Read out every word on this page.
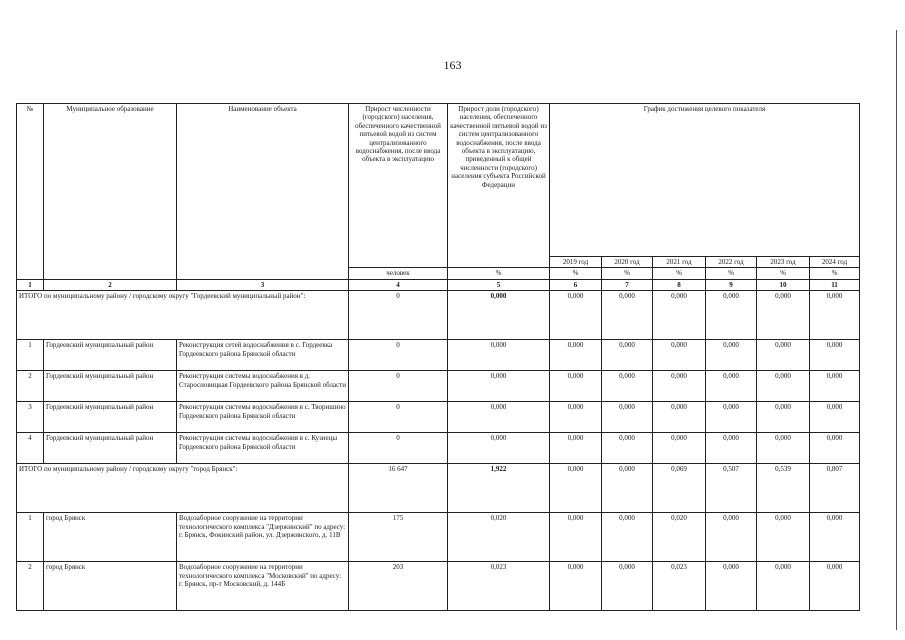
163
№	Муниципальное образование	Наименование объекта	Прирост численности (городского) населения, обеспеченного качественной питьевой водой из систем централизованного водоснабжения, после ввода объекта в эксплуатацию	Прирост доли (городского) населения, обеспеченного качественной питьевой водой из систем централизованного водоснабжения, после ввода объекта в эксплуатацию, приведенный к общей численности (городского) населения субъекта Российской Федерации	График достижения целевого показателя					
					2019 год	2020 год	2021 год	2022 год	2023 год	2024 год
			человек	%	%	%	%	%	%	%
1	2	3	4	5	6	7	8	9	10	11
ИТОГО по муниципальному району / городскому округу "Гордеевский муниципальный район":			0	0,000	0,000	0,000	0,000	0,000	0,000	0,000
1	Гордеевский муниципальный район	Реконструкция сетей водоснабжения в с. Гордеевка Гордеевского района Брянской области	0	0,000	0,000	0,000	0,000	0,000	0,000	0,000
2	Гордеевский муниципальный район	Реконструкция системы водоснабжения в д. Старосновицкая Гордеевского района Брянской области	0	0,000	0,000	0,000	0,000	0,000	0,000	0,000
3	Гордеевский муниципальный район	Реконструкция системы водоснабжения в с. Творишино Гордеевского района Брянской области	0	0,000	0,000	0,000	0,000	0,000	0,000	0,000
4	Гордеевский муниципальный район	Реконструкция системы водоснабжения в с. Кузнецы Гордеевского района Брянской области	0	0,000	0,000	0,000	0,000	0,000	0,000	0,000
ИТОГО по муниципальному району / городскому округу "город Брянск":			16 647	1,922	0,000	0,000	0,069	0,507	0,539	0,807
1	город Брянск	Водозаборное сооружение на территории технологического комплекса "Дзержинский" по адресу: г. Брянск, Фокинский район, ул. Дзержинского, д. 11В	175	0,020	0,000	0,000	0,020	0,000	0,000	0,000
2	город Брянск	Водозаборное сооружение на территории технологического комплекса "Московский" по адресу: г. Брянск, пр-т Московский, д. 144Б	203	0,023	0,000	0,000	0,023	0,000	0,000	0,000
